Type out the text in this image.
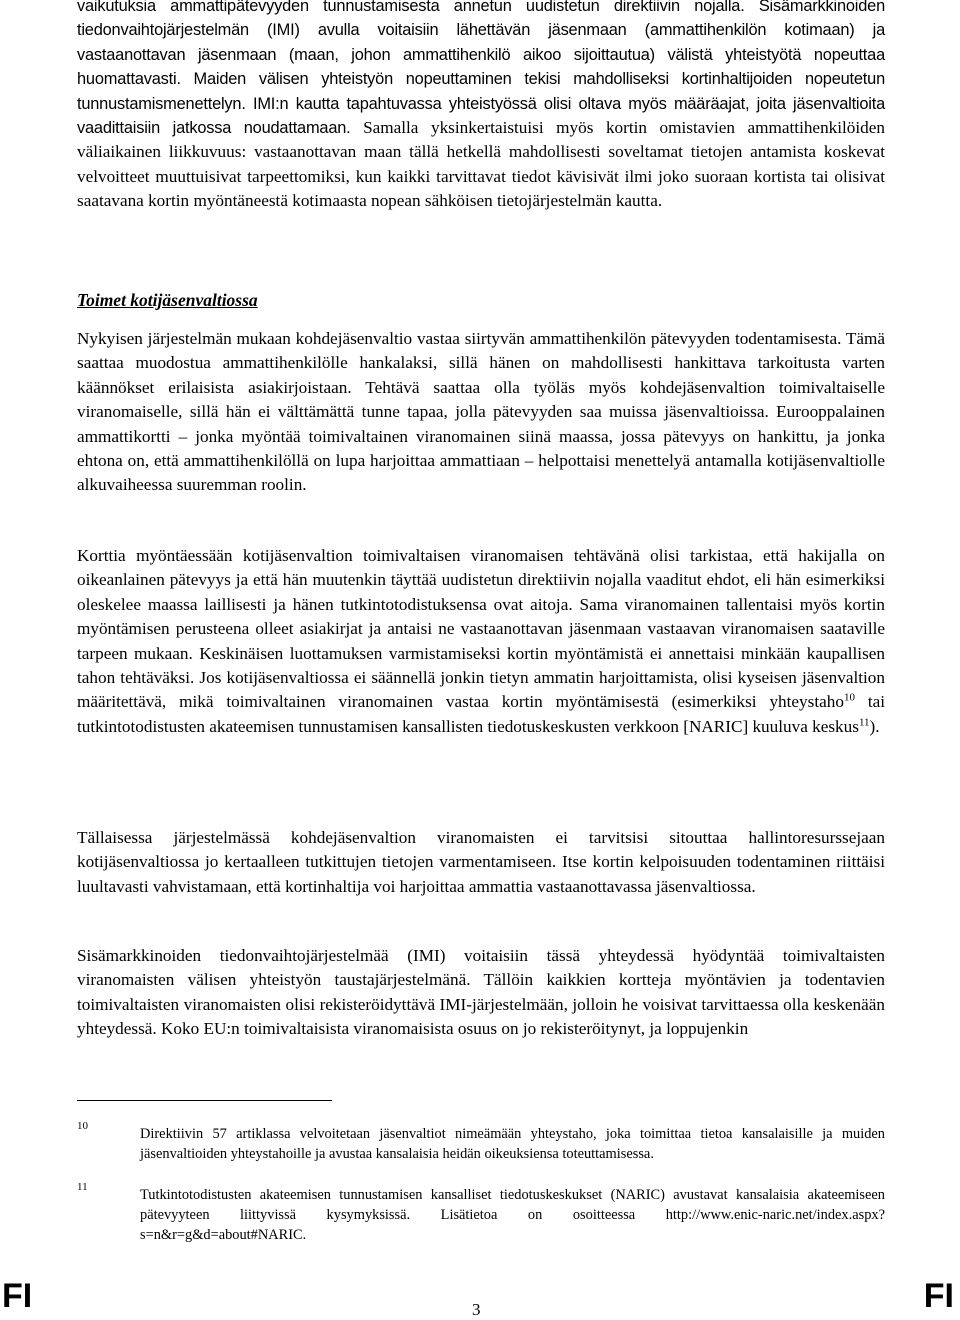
vaikutuksia ammattipätevyyden tunnustamisesta annetun uudistetun direktiivin nojalla. Sisämarkkinoiden tiedonvaihtojärjestelmän (IMI) avulla voitaisiin lähettävän jäsenmaan (ammattihenkilön kotimaan) ja vastaanottavan jäsenmaan (maan, johon ammattihenkilö aikoo sijoittautua) välistä yhteistyötä nopeuttaa huomattavasti. Maiden välisen yhteistyön nopeuttaminen tekisi mahdolliseksi kortinhaltijoiden nopeutetun tunnustamismenettelyn. IMI:n kautta tapahtuvassa yhteistyössä olisi oltava myös määräajat, joita jäsenvaltioita vaadittaisiin jatkossa noudattamaan. Samalla yksinkertaistuisi myös kortin omistavien ammattihenkilöiden väliaikainen liikkuvuus: vastaanottavan maan tällä hetkellä mahdollisesti soveltamat tietojen antamista koskevat velvoitteet muuttuisivat tarpeettomiksi, kun kaikki tarvittavat tiedot kävisivät ilmi joko suoraan kortista tai olisivat saatavana kortin myöntäneestä kotimaasta nopean sähköisen tietojärjestelmän kautta.

Toimet kotijäsenvaltiossa

Nykyisen järjestelmän mukaan kohdejäsenvaltio vastaa siirtyvän ammattihenkilön pätevyyden todentamisesta. Tämä saattaa muodostua ammattihenkilölle hankalaksi, sillä hänen on mahdollisesti hankittava tarkoitusta varten käännökset erilaisista asiakirjoistaan. Tehtävä saattaa olla työläs myös kohdejäsenvaltion toimivaltaiselle viranomaiselle, sillä hän ei välttämättä tunne tapaa, jolla pätevyyden saa muissa jäsenvaltioissa. Eurooppalainen ammattikortti – jonka myöntää toimivaltainen viranomainen siinä maassa, jossa pätevyys on hankittu, ja jonka ehtona on, että ammattihenkilöllä on lupa harjoittaa ammattiaan – helpottaisi menettelyä antamalla kotijäsenvaltiolle alkuvaiheessa suuremman roolin.

Korttia myöntäessään kotijäsenvaltion toimivaltaisen viranomaisen tehtävänä olisi tarkistaa, että hakijalla on oikeanlainen pätevyys ja että hän muutenkin täyttää uudistetun direktiivin nojalla vaaditut ehdot, eli hän esimerkiksi oleskelee maassa laillisesti ja hänen tutkintotodistuksensa ovat aitoja. Sama viranomainen tallentaisi myös kortin myöntämisen perusteena olleet asiakirjat ja antaisi ne vastaanottavan jäsenmaan vastaavan viranomaisen saataville tarpeen mukaan. Keskinäisen luottamuksen varmistamiseksi kortin myöntämistä ei annettaisi minkään kaupallisen tahon tehtäväksi. Jos kotijäsenvaltiossa ei säännellä jonkin tietyn ammatin harjoittamista, olisi kyseisen jäsenvaltion määritettävä, mikä toimivaltainen viranomainen vastaa kortin myöntämisestä (esimerkiksi yhteystaho$^{10}$ tai tutkintotodistusten akateemisen tunnustamisen kansallisten tiedotuskeskusten verkkoon [NARIC] kuuluva keskus$^{11}$).

Tällaisessa järjestelmässä kohdejäsenvaltion viranomaisten ei tarvitsisi sitouttaa hallintoresurssejaan kotijäsenvaltiossa jo kertaalleen tutkittujen tietojen varmentamiseen. Itse kortin kelpoisuuden todentaminen riittäisi luultavasti vahvistamaan, että kortinhaltija voi harjoittaa ammattia vastaanottavassa jäsenvaltiossa.

Sisämarkkinoiden tiedonvaihtojärjestelmää (IMI) voitaisiin tässä yhteydessä hyödyntää toimivaltaisten viranomaisten välisen yhteistyön taustajärjestelmänä. Tällöin kaikkien kortteja myöntävien ja todentavien toimivaltaisten viranomaisten olisi rekisteröidyttävä IMI-järjestelmään, jolloin he voisivat tarvittaessa olla keskenään yhteydessä. Koko EU:n toimivaltaisista viranomaisista osuus on jo rekisteröitynyt, ja loppujenkin

10	Direktiivin 57 artiklassa velvoitetaan jäsenvaltiot nimeämään yhteystaho, joka toimittaa tietoa kansalaisille ja muiden jäsenvaltioiden yhteystahoille ja avustaa kansalaisia heidän oikeuksiensa toteuttamisessa.
11	Tutkintotodistusten akateemisen tunnustamisen kansalliset tiedotuskeskukset (NARIC) avustavat kansalaisia akateemiseen pätevyyteen liittyvissä kysymyksissä. Lisätietoa on osoitteessa http://www.enic-naric.net/index.aspx?s=n&r=g&d=about#NARIC.
FI	3	FI
